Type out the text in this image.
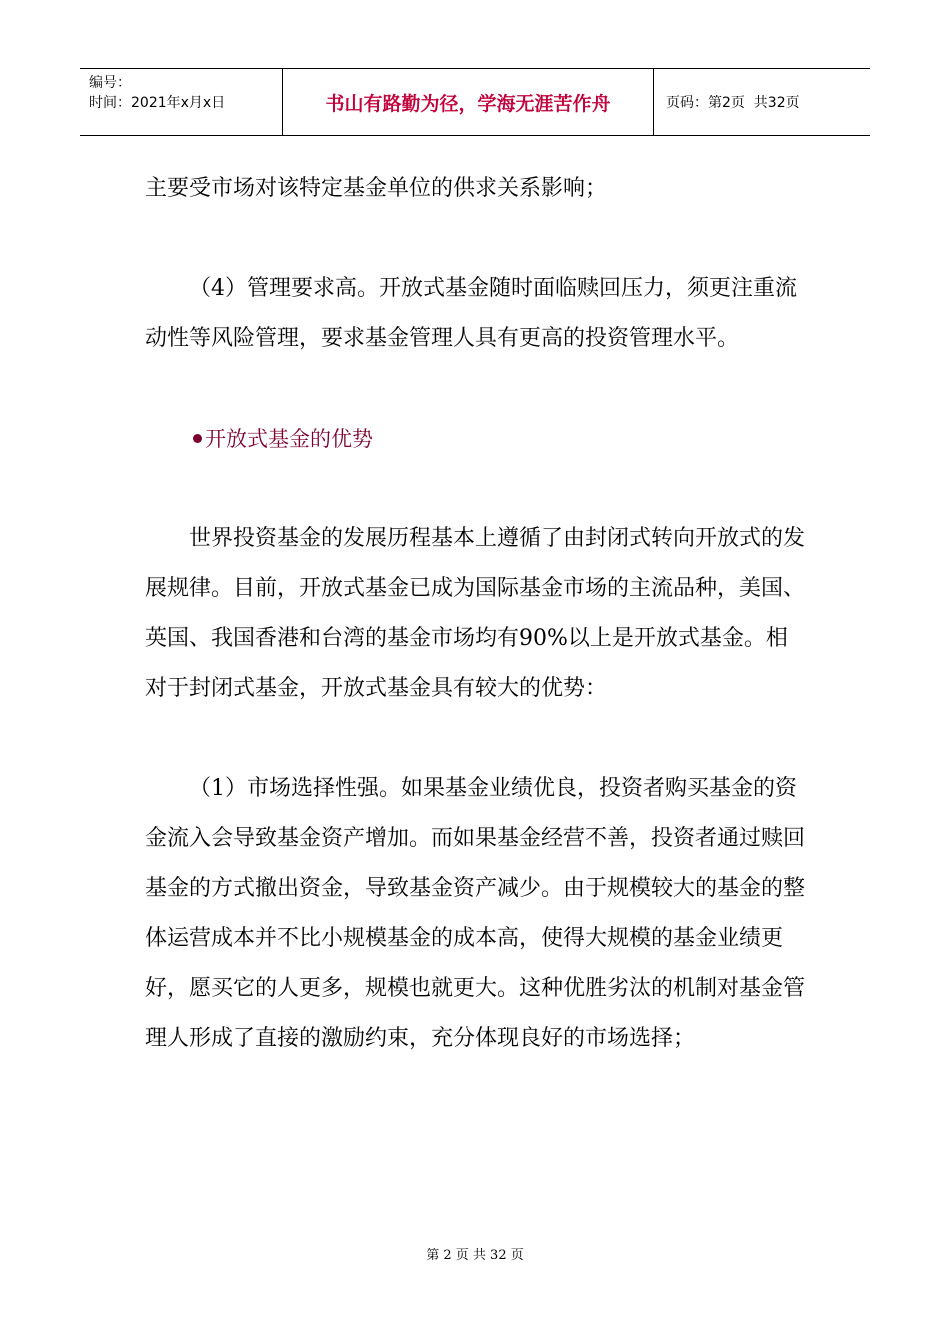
编号：
时间：2021年x月x日	书山有路勤为径，学海无涯苦作舟	页码：第2页  共32页

主要受市场对该特定基金单位的供求关系影响；

（4）管理要求高。开放式基金随时面临赎回压力，须更注重流动性等风险管理，要求基金管理人具有更高的投资管理水平。

开放式基金的优势

世界投资基金的发展历程基本上遵循了由封闭式转向开放式的发展规律。目前，开放式基金已成为国际基金市场的主流品种，美国、英国、我国香港和台湾的基金市场均有90%以上是开放式基金。相对于封闭式基金，开放式基金具有较大的优势：

（1）市场选择性强。如果基金业绩优良，投资者购买基金的资金流入会导致基金资产增加。而如果基金经营不善，投资者通过赎回基金的方式撤出资金，导致基金资产减少。由于规模较大的基金的整体运营成本并不比小规模基金的成本高，使得大规模的基金业绩更好，愿买它的人更多，规模也就更大。这种优胜劣汰的机制对基金管理人形成了直接的激励约束，充分体现良好的市场选择；

第 2 页 共 32 页
